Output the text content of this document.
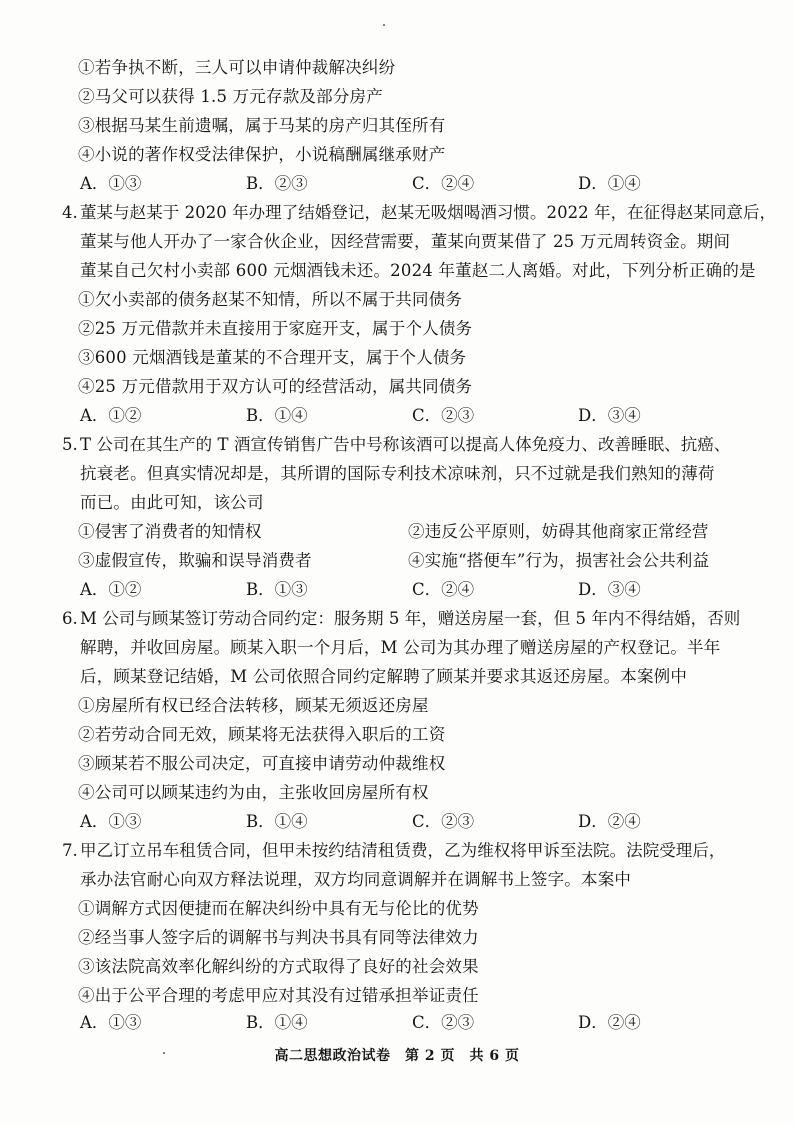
①若争执不断，三人可以申请仲裁解决纠纷
②马父可以获得 1.5 万元存款及部分房产
③根据马某生前遗嘱，属于马某的房产归其侄所有
④小说的著作权受法律保护，小说稿酬属继承财产
A．①③	B．②③	C．②④	D．①④
4. 董某与赵某于 2020 年办理了结婚登记，赵某无吸烟喝酒习惯。2022 年，在征得赵某同意后，
董某与他人开办了一家合伙企业，因经营需要，董某向贾某借了 25 万元周转资金。期间
董某自己欠村小卖部 600 元烟酒钱未还。2024 年董赵二人离婚。对此，下列分析正确的是
①欠小卖部的债务赵某不知情，所以不属于共同债务
②25 万元借款并未直接用于家庭开支，属于个人债务
③600 元烟酒钱是董某的不合理开支，属于个人债务
④25 万元借款用于双方认可的经营活动，属共同债务
A．①②	B．①④	C．②③	D．③④
5. T 公司在其生产的 T 酒宣传销售广告中号称该酒可以提高人体免疫力、改善睡眠、抗癌、
抗衰老。但真实情况却是，其所谓的国际专利技术凉味剂，只不过就是我们熟知的薄荷
而已。由此可知，该公司
①侵害了消费者的知情权	②违反公平原则，妨碍其他商家正常经营
③虚假宣传，欺骗和误导消费者	④实施“搭便车”行为，损害社会公共利益
A．①②	B．①③	C．②④	D．③④
6. M 公司与顾某签订劳动合同约定：服务期 5 年，赠送房屋一套，但 5 年内不得结婚，否则
解聘，并收回房屋。顾某入职一个月后，M 公司为其办理了赠送房屋的产权登记。半年
后，顾某登记结婚，M 公司依照合同约定解聘了顾某并要求其返还房屋。本案例中
①房屋所有权已经合法转移，顾某无须返还房屋
②若劳动合同无效，顾某将无法获得入职后的工资
③顾某若不服公司决定，可直接申请劳动仲裁维权
④公司可以顾某违约为由，主张收回房屋所有权
A．①③	B．①④	C．②③	D．②④
7. 甲乙订立吊车租赁合同，但甲未按约结清租赁费，乙为维权将甲诉至法院。法院受理后，
承办法官耐心向双方释法说理，双方均同意调解并在调解书上签字。本案中
①调解方式因便捷而在解决纠纷中具有无与伦比的优势
②经当事人签字后的调解书与判决书具有同等法律效力
③该法院高效率化解纠纷的方式取得了良好的社会效果
④出于公平合理的考虑甲应对其没有过错承担举证责任
A．①③	B．①④	C．②③	D．②④
高二思想政治试卷　第 2 页　共 6 页
